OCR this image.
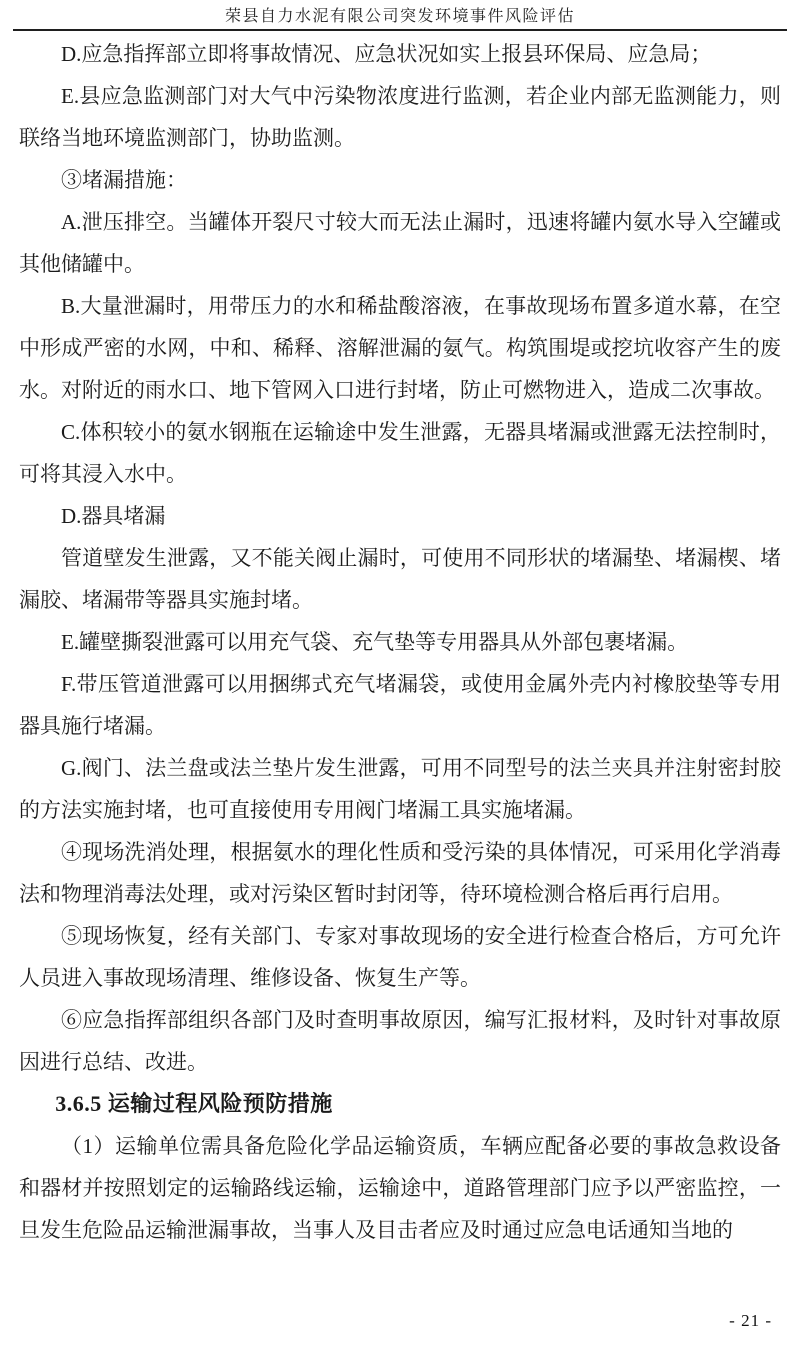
荣县自力水泥有限公司突发环境事件风险评估

D.应急指挥部立即将事故情况、应急状况如实上报县环保局、应急局；

E.县应急监测部门对大气中污染物浓度进行监测，若企业内部无监测能力，则联络当地环境监测部门，协助监测。

③堵漏措施：

A.泄压排空。当罐体开裂尺寸较大而无法止漏时，迅速将罐内氨水导入空罐或其他储罐中。

B.大量泄漏时，用带压力的水和稀盐酸溶液，在事故现场布置多道水幕，在空中形成严密的水网，中和、稀释、溶解泄漏的氨气。构筑围堤或挖坑收容产生的废水。对附近的雨水口、地下管网入口进行封堵，防止可燃物进入，造成二次事故。

C.体积较小的氨水钢瓶在运输途中发生泄露，无器具堵漏或泄露无法控制时，可将其浸入水中。

D.器具堵漏

管道壁发生泄露，又不能关阀止漏时，可使用不同形状的堵漏垫、堵漏楔、堵漏胶、堵漏带等器具实施封堵。

E.罐壁撕裂泄露可以用充气袋、充气垫等专用器具从外部包裹堵漏。

F.带压管道泄露可以用捆绑式充气堵漏袋，或使用金属外壳内衬橡胶垫等专用器具施行堵漏。

G.阀门、法兰盘或法兰垫片发生泄露，可用不同型号的法兰夹具并注射密封胶的方法实施封堵，也可直接使用专用阀门堵漏工具实施堵漏。

④现场洗消处理，根据氨水的理化性质和受污染的具体情况，可采用化学消毒法和物理消毒法处理，或对污染区暂时封闭等，待环境检测合格后再行启用。

⑤现场恢复，经有关部门、专家对事故现场的安全进行检查合格后，方可允许人员进入事故现场清理、维修设备、恢复生产等。

⑥应急指挥部组织各部门及时查明事故原因，编写汇报材料，及时针对事故原因进行总结、改进。

3.6.5 运输过程风险预防措施

（1）运输单位需具备危险化学品运输资质，车辆应配备必要的事故急救设备和器材并按照划定的运输路线运输，运输途中，道路管理部门应予以严密监控，一旦发生危险品运输泄漏事故，当事人及目击者应及时通过应急电话通知当地的

- 21 -
